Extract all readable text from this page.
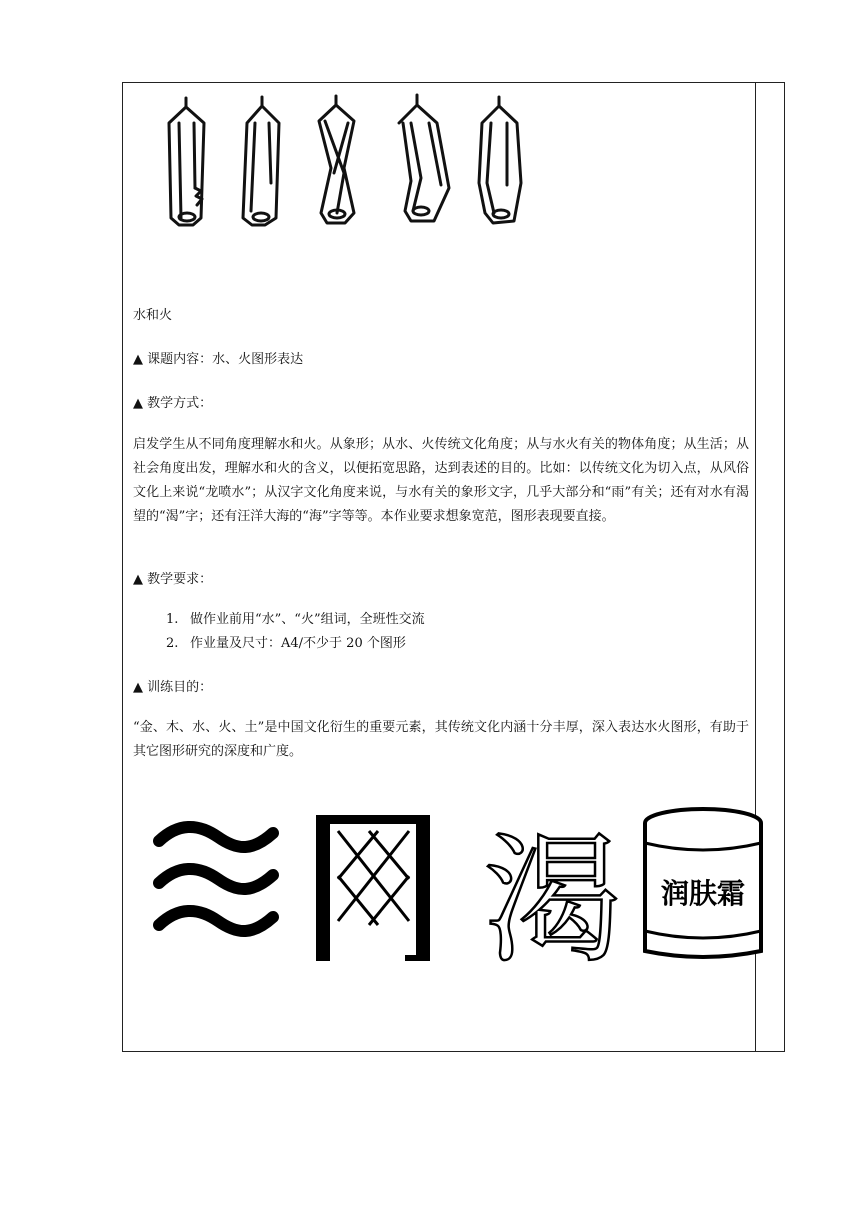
水和火
▲ 课题内容：水、火图形表达
▲ 教学方式：
启发学生从不同角度理解水和火。从象形；从水、火传统文化角度；从与水火有关的物体角度；从生活；从社会角度出发，理解水和火的含义，以便拓宽思路，达到表述的目的。比如：以传统文化为切入点，从风俗文化上来说“龙喷水”；从汉字文化角度来说，与水有关的象形文字，几乎大部分和“雨”有关；还有对水有渴望的“渴”字；还有汪洋大海的“海”字等等。本作业要求想象宽范，图形表现要直接。
▲ 教学要求：
1. 做作业前用“水”、“火”组词，全班性交流
2. 作业量及尺寸：A4/不少于 20 个图形
▲ 训练目的：
“金、木、水、火、土”是中国文化衍生的重要元素，其传统文化内涵十分丰厚，深入表达水火图形，有助于其它图形研究的深度和广度。
渴 润肤霜
